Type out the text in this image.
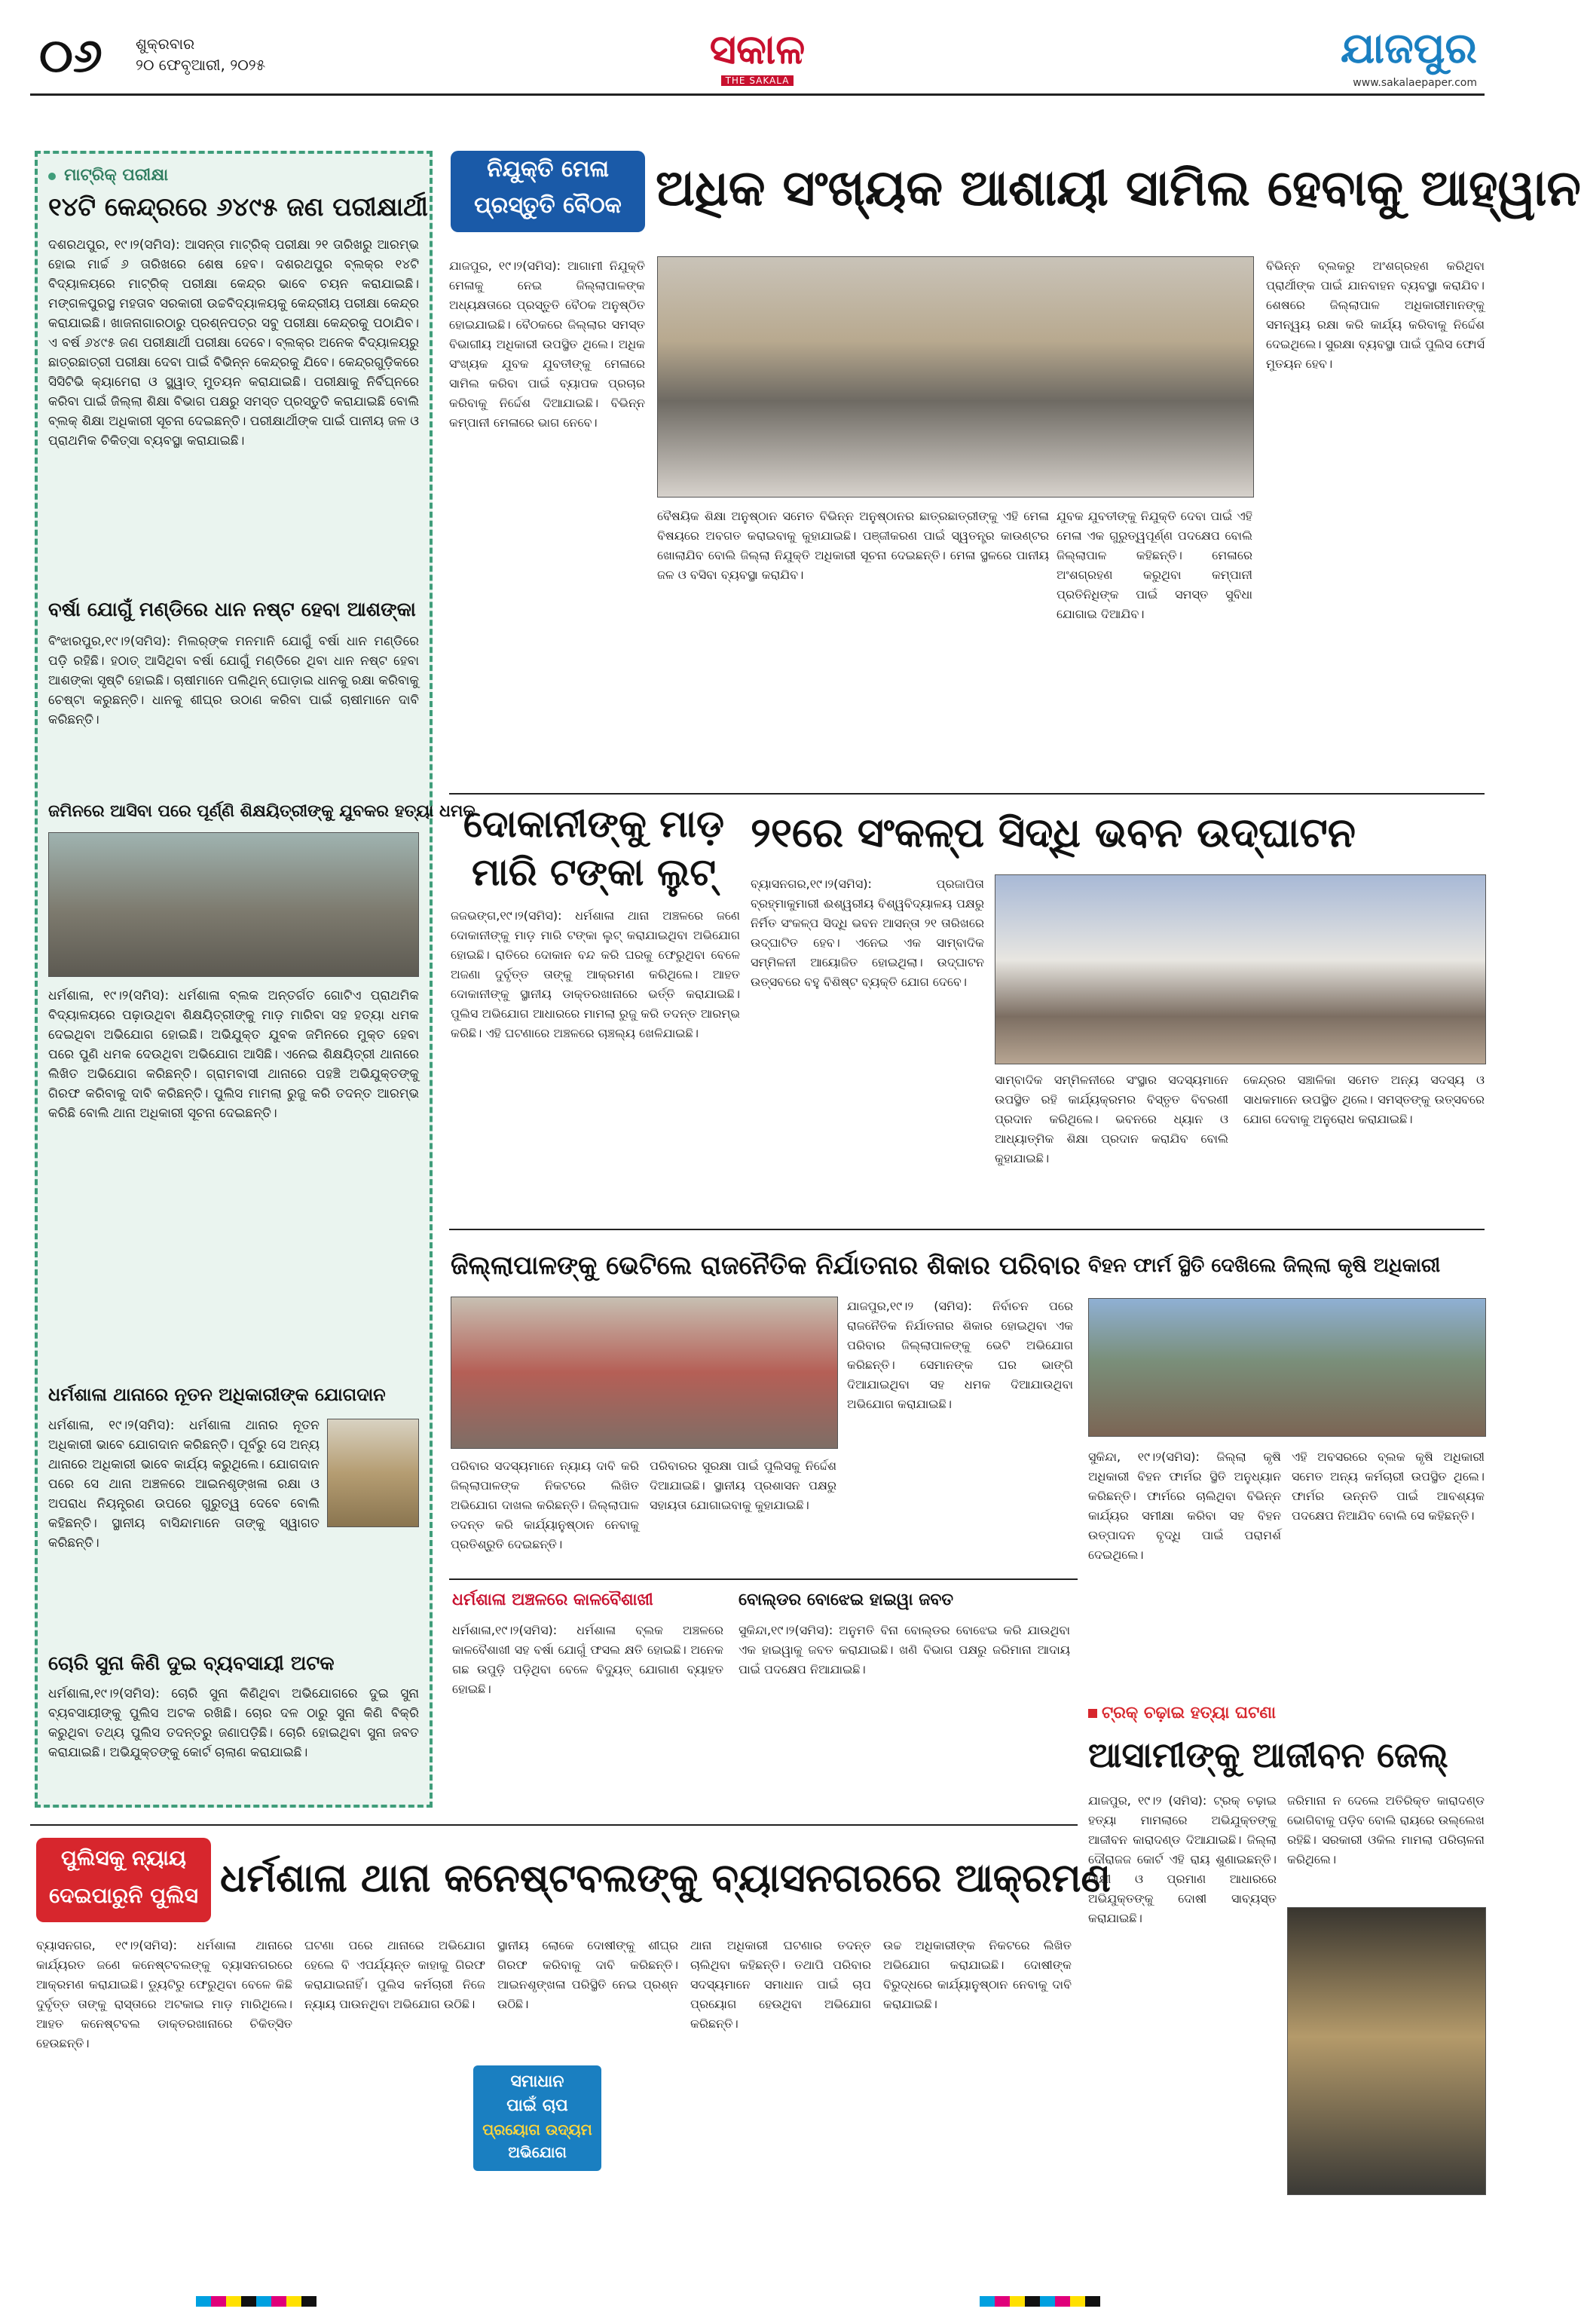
୦୬ ଶୁକ୍ରବାର
୨୦ ଫେବୃଆରୀ, ୨୦୨୫	ସକାଳ
THE SAKALA
ଯାଜପୁର
www.sakalaepaper.com
ମାଟ୍ରିକ୍ ପରୀକ୍ଷା
୧୪ଟି କେନ୍ଦ୍ରରେ ୬୪୯୫ ଜଣ ପରୀକ୍ଷାର୍ଥୀ
ଦଶରଥପୁର, ୧୯।୨(ସମିସ): ଆସନ୍ତା ମାଟ୍ରିକ୍ ପରୀକ୍ଷା ୨୧ ତାରିଖରୁ ଆରମ୍ଭ ହୋଇ ମାର୍ଚ୍ଚ ୬ ତାରିଖରେ ଶେଷ ହେବ। ଦଶରଥପୁର ବ୍ଲକ୍‌ର ୧୪ଟି ବିଦ୍ୟାଳୟରେ ମାଟ୍ରିକ୍ ପରୀକ୍ଷା କେନ୍ଦ୍ର ଭାବେ ଚୟନ କରାଯାଇଛି। ମଙ୍ଗଳପୁରସ୍ଥ ମହତାବ ସରକାରୀ ଉଚ୍ଚବିଦ୍ୟାଳୟକୁ କେନ୍ଦ୍ରୀୟ ପରୀକ୍ଷା କେନ୍ଦ୍ର କରାଯାଇଛି। ଖାଜନାଗାରଠାରୁ ପ୍ରଶ୍ନପତ୍ର ସବୁ ପରୀକ୍ଷା କେନ୍ଦ୍ରକୁ ପଠାଯିବ। ଏ ବର୍ଷ ୬୪୯୫ ଜଣ ପରୀକ୍ଷାର୍ଥୀ ପରୀକ୍ଷା ଦେବେ। ବ୍ଲକ୍‌ର ଅନେକ ବିଦ୍ୟାଳୟରୁ ଛାତ୍ରଛାତ୍ରୀ ପରୀକ୍ଷା ଦେବା ପାଇଁ ବିଭିନ୍ନ କେନ୍ଦ୍ରକୁ ଯିବେ। କେନ୍ଦ୍ରଗୁଡ଼ିକରେ ସିସିଟିଭି କ୍ୟାମେରା ଓ ସ୍କ୍ୱାଡ୍ ମୁତୟନ କରାଯାଇଛି। ପରୀକ୍ଷାକୁ ନିର୍ବିଘ୍ନରେ କରିବା ପାଇଁ ଜିଲ୍ଲା ଶିକ୍ଷା ବିଭାଗ ପକ୍ଷରୁ ସମସ୍ତ ପ୍ରସ୍ତୁତି କରାଯାଇଛି ବୋଲି ବ୍ଲକ୍ ଶିକ୍ଷା ଅଧିକାରୀ ସୂଚନା ଦେଇଛନ୍ତି। ପରୀକ୍ଷାର୍ଥୀଙ୍କ ପାଇଁ ପାନୀୟ ଜଳ ଓ ପ୍ରାଥମିକ ଚିକିତ୍ସା ବ୍ୟବସ୍ଥା କରାଯାଇଛି।
ବର୍ଷା ଯୋଗୁଁ ମଣ୍ଡିରେ ଧାନ ନଷ୍ଟ ହେବା ଆଶଙ୍କା
ବିଂଝାରପୁର,୧୯।୨(ସମିସ): ମିଲର୍‌ଙ୍କ ମନମାନି ଯୋଗୁଁ ବର୍ଷା ଧାନ ମଣ୍ଡିରେ ପଡ଼ି ରହିଛି। ହଠାତ୍ ଆସିଥିବା ବର୍ଷା ଯୋଗୁଁ ମଣ୍ଡିରେ ଥିବା ଧାନ ନଷ୍ଟ ହେବା ଆଶଙ୍କା ସୃଷ୍ଟି ହୋଇଛି। ଚାଷୀମାନେ ପଲିଥିନ୍ ଘୋଡ଼ାଇ ଧାନକୁ ରକ୍ଷା କରିବାକୁ ଚେଷ୍ଟା କରୁଛନ୍ତି। ଧାନକୁ ଶୀଘ୍ର ଉଠାଣ କରିବା ପାଇଁ ଚାଷୀମାନେ ଦାବି କରିଛନ୍ତି।
ଜମିନରେ ଆସିବା ପରେ ପୂର୍ଣ୍ଣି ଶିକ୍ଷୟିତ୍ରୀଙ୍କୁ ଯୁବକର ହତ୍ୟା ଧମକ
ଧର୍ମଶାଳା, ୧୯।୨(ସମିସ): ଧର୍ମଶାଳା ବ୍ଲକ ଅନ୍ତର୍ଗତ ଗୋଟିଏ ପ୍ରାଥମିକ ବିଦ୍ୟାଳୟରେ ପଢ଼ାଉଥିବା ଶିକ୍ଷୟିତ୍ରୀଙ୍କୁ ମାଡ଼ ମାରିବା ସହ ହତ୍ୟା ଧମକ ଦେଇଥିବା ଅଭିଯୋଗ ହୋଇଛି। ଅଭିଯୁକ୍ତ ଯୁବକ ଜମିନରେ ମୁକ୍ତ ହେବା ପରେ ପୁଣି ଧମକ ଦେଉଥିବା ଅଭିଯୋଗ ଆସିଛି। ଏନେଇ ଶିକ୍ଷୟିତ୍ରୀ ଥାନାରେ ଲିଖିତ ଅଭିଯୋଗ କରିଛନ୍ତି। ଗ୍ରାମବାସୀ ଥାନାରେ ପହଞ୍ଚି ଅଭିଯୁକ୍ତଙ୍କୁ ଗିରଫ କରିବାକୁ ଦାବି କରିଛନ୍ତି। ପୁଲିସ ମାମଲା ରୁଜୁ କରି ତଦନ୍ତ ଆରମ୍ଭ କରିଛି ବୋଲି ଥାନା ଅଧିକାରୀ ସୂଚନା ଦେଇଛନ୍ତି।
ଧର୍ମଶାଳା ଥାନାରେ ନୂତନ ଅଧିକାରୀଙ୍କ ଯୋଗଦାନ
ଧର୍ମଶାଳା, ୧୯।୨(ସମିସ): ଧର୍ମଶାଳା ଥାନାର ନୂତନ ଅଧିକାରୀ ଭାବେ ଯୋଗଦାନ କରିଛନ୍ତି। ପୂର୍ବରୁ ସେ ଅନ୍ୟ ଥାନାରେ ଅଧିକାରୀ ଭାବେ କାର୍ଯ୍ୟ କରୁଥିଲେ। ଯୋଗଦାନ ପରେ ସେ ଥାନା ଅଞ୍ଚଳରେ ଆଇନଶୃଙ୍ଖଳା ରକ୍ଷା ଓ ଅପରାଧ ନିୟନ୍ତ୍ରଣ ଉପରେ ଗୁରୁତ୍ୱ ଦେବେ ବୋଲି କହିଛନ୍ତି। ସ୍ଥାନୀୟ ବାସିନ୍ଦାମାନେ ତାଙ୍କୁ ସ୍ୱାଗତ କରିଛନ୍ତି।
ଚୋରି ସୁନା କିଣି ଦୁଇ ବ୍ୟବସାୟୀ ଅଟକ
ଧର୍ମଶାଳା,୧୯।୨(ସମିସ): ଚୋରି ସୁନା କିଣିଥିବା ଅଭିଯୋଗରେ ଦୁଇ ସୁନା ବ୍ୟବସାୟୀଙ୍କୁ ପୁଲିସ ଅଟକ ରଖିଛି। ଚୋର ଦଳ ଠାରୁ ସୁନା କିଣି ବିକ୍ରି କରୁଥିବା ତଥ୍ୟ ପୁଲିସ ତଦନ୍ତରୁ ଜଣାପଡ଼ିଛି। ଚୋରି ହୋଇଥିବା ସୁନା ଜବତ କରାଯାଇଛି। ଅଭିଯୁକ୍ତଙ୍କୁ କୋର୍ଟ ଚାଲାଣ କରାଯାଇଛି।
ନିଯୁକ୍ତି ମେଳା
ପ୍ରସ୍ତୁତି ବୈଠକ ଅଧିକ ସଂଖ୍ୟକ ଆଶାୟୀ ସାମିଲ ହେବାକୁ ଆହ୍ୱାନ
ଯାଜପୁର, ୧୯।୨(ସମିସ): ଆଗାମୀ ନିଯୁକ୍ତି ମେଳାକୁ ନେଇ ଜିଲ୍ଲାପାଳଙ୍କ ଅଧ୍ୟକ୍ଷତାରେ ପ୍ରସ୍ତୁତି ବୈଠକ ଅନୁଷ୍ଠିତ ହୋଇଯାଇଛି। ବୈଠକରେ ଜିଲ୍ଲାର ସମସ୍ତ ବିଭାଗୀୟ ଅଧିକାରୀ ଉପସ୍ଥିତ ଥିଲେ। ଅଧିକ ସଂଖ୍ୟକ ଯୁବକ ଯୁବତୀଙ୍କୁ ମେଳାରେ ସାମିଲ କରିବା ପାଇଁ ବ୍ୟାପକ ପ୍ରଚାର କରିବାକୁ ନିର୍ଦ୍ଦେଶ ଦିଆଯାଇଛି। ବିଭିନ୍ନ କମ୍ପାନୀ ମେଳାରେ ଭାଗ ନେବେ।
ବୈଷୟିକ ଶିକ୍ଷା ଅନୁଷ୍ଠାନ ସମେତ ବିଭିନ୍ନ ଅନୁଷ୍ଠାନର ଛାତ୍ରଛାତ୍ରୀଙ୍କୁ ଏହି ମେଳା ବିଷୟରେ ଅବଗତ କରାଇବାକୁ କୁହାଯାଇଛି। ପଞ୍ଜୀକରଣ ପାଇଁ ସ୍ୱତନ୍ତ୍ର କାଉଣ୍ଟର ଖୋଲାଯିବ ବୋଲି ଜିଲ୍ଲା ନିଯୁକ୍ତି ଅଧିକାରୀ ସୂଚନା ଦେଇଛନ୍ତି। ମେଳା ସ୍ଥଳରେ ପାନୀୟ ଜଳ ଓ ବସିବା ବ୍ୟବସ୍ଥା କରାଯିବ।
ଯୁବକ ଯୁବତୀଙ୍କୁ ନିଯୁକ୍ତି ଦେବା ପାଇଁ ଏହି ମେଳା ଏକ ଗୁରୁତ୍ୱପୂର୍ଣ୍ଣ ପଦକ୍ଷେପ ବୋଲି ଜିଲ୍ଲାପାଳ କହିଛନ୍ତି। ମେଳାରେ ଅଂଶଗ୍ରହଣ କରୁଥିବା କମ୍ପାନୀ ପ୍ରତିନିଧିଙ୍କ ପାଇଁ ସମସ୍ତ ସୁବିଧା ଯୋଗାଇ ଦିଆଯିବ।
ବିଭିନ୍ନ ବ୍ଲକରୁ ଅଂଶଗ୍ରହଣ କରିଥିବା ପ୍ରାର୍ଥୀଙ୍କ ପାଇଁ ଯାନବାହନ ବ୍ୟବସ୍ଥା କରାଯିବ। ଶେଷରେ ଜିଲ୍ଲାପାଳ ଅଧିକାରୀମାନଙ୍କୁ ସମନ୍ୱୟ ରକ୍ଷା କରି କାର୍ଯ୍ୟ କରିବାକୁ ନିର୍ଦ୍ଦେଶ ଦେଇଥିଲେ। ସୁରକ୍ଷା ବ୍ୟବସ୍ଥା ପାଇଁ ପୁଲିସ ଫୋର୍ସ ମୁତୟନ ହେବ।
ଦୋକାନୀଙ୍କୁ ମାଡ଼
ମାରି ଟଙ୍କା ଲୁଟ୍
ଜଜଭଙ୍ଗ,୧୯।୨(ସମିସ): ଧର୍ମଶାଳା ଥାନା ଅଞ୍ଚଳରେ ଜଣେ ଦୋକାନୀଙ୍କୁ ମାଡ଼ ମାରି ଟଙ୍କା ଲୁଟ୍ କରାଯାଇଥିବା ଅଭିଯୋଗ ହୋଇଛି। ରାତିରେ ଦୋକାନ ବନ୍ଦ କରି ଘରକୁ ଫେରୁଥିବା ବେଳେ ଅଜଣା ଦୁର୍ବୃତ୍ତ ତାଙ୍କୁ ଆକ୍ରମଣ କରିଥିଲେ। ଆହତ ଦୋକାନୀଙ୍କୁ ସ୍ଥାନୀୟ ଡାକ୍ତରଖାନାରେ ଭର୍ତ୍ତି କରାଯାଇଛି। ପୁଲିସ ଅଭିଯୋଗ ଆଧାରରେ ମାମଲା ରୁଜୁ କରି ତଦନ୍ତ ଆରମ୍ଭ କରିଛି। ଏହି ଘଟଣାରେ ଅଞ୍ଚଳରେ ଚାଞ୍ଚଲ୍ୟ ଖେଳିଯାଇଛି।
୨୧ରେ ସଂକଳ୍ପ ସିଦ୍ଧି ଭବନ ଉଦ୍‌ଘାଟନ
ବ୍ୟାସନଗର,୧୯।୨(ସମିସ): ପ୍ରଜାପିତା ବ୍ରହ୍ମାକୁମାରୀ ଈଶ୍ୱରୀୟ ବିଶ୍ୱବିଦ୍ୟାଳୟ ପକ୍ଷରୁ ନିର୍ମିତ ସଂକଳ୍ପ ସିଦ୍ଧି ଭବନ ଆସନ୍ତା ୨୧ ତାରିଖରେ ଉଦ୍‌ଘାଟିତ ହେବ। ଏନେଇ ଏକ ସାମ୍ବାଦିକ ସମ୍ମିଳନୀ ଆୟୋଜିତ ହୋଇଥିଲା। ଉଦ୍‌ଘାଟନ ଉତ୍ସବରେ ବହୁ ବିଶିଷ୍ଟ ବ୍ୟକ୍ତି ଯୋଗ ଦେବେ।
ସାମ୍ବାଦିକ ସମ୍ମିଳନୀରେ ସଂସ୍ଥାର ସଦସ୍ୟମାନେ ଉପସ୍ଥିତ ରହି କାର୍ଯ୍ୟକ୍ରମର ବିସ୍ତୃତ ବିବରଣୀ ପ୍ରଦାନ କରିଥିଲେ। ଭବନରେ ଧ୍ୟାନ ଓ ଆଧ୍ୟାତ୍ମିକ ଶିକ୍ଷା ପ୍ରଦାନ କରାଯିବ ବୋଲି କୁହାଯାଇଛି।
କେନ୍ଦ୍ରର ସଞ୍ଚାଳିକା ସମେତ ଅନ୍ୟ ସଦସ୍ୟ ଓ ସାଧକମାନେ ଉପସ୍ଥିତ ଥିଲେ। ସମସ୍ତଙ୍କୁ ଉତ୍ସବରେ ଯୋଗ ଦେବାକୁ ଅନୁରୋଧ କରାଯାଇଛି।
ଜିଲ୍ଲାପାଳଙ୍କୁ ଭେଟିଲେ ରାଜନୈତିକ ନିର୍ଯାତନାର ଶିକାର ପରିବାର
ଯାଜପୁର,୧୯।୨ (ସମିସ): ନିର୍ବାଚନ ପରେ ରାଜନୈତିକ ନିର୍ଯାତନାର ଶିକାର ହୋଇଥିବା ଏକ ପରିବାର ଜିଲ୍ଲାପାଳଙ୍କୁ ଭେଟି ଅଭିଯୋଗ କରିଛନ୍ତି। ସେମାନଙ୍କ ଘର ଭାଙ୍ଗି ଦିଆଯାଇଥିବା ସହ ଧମକ ଦିଆଯାଉଥିବା ଅଭିଯୋଗ କରାଯାଇଛି।
ପରିବାର ସଦସ୍ୟମାନେ ନ୍ୟାୟ ଦାବି କରି ଜିଲ୍ଲାପାଳଙ୍କ ନିକଟରେ ଲିଖିତ ଅଭିଯୋଗ ଦାଖଲ କରିଛନ୍ତି। ଜିଲ୍ଲାପାଳ ତଦନ୍ତ କରି କାର୍ଯ୍ୟାନୁଷ୍ଠାନ ନେବାକୁ ପ୍ରତିଶ୍ରୁତି ଦେଇଛନ୍ତି।
ପରିବାରର ସୁରକ୍ଷା ପାଇଁ ପୁଲିସକୁ ନିର୍ଦ୍ଦେଶ ଦିଆଯାଇଛି। ସ୍ଥାନୀୟ ପ୍ରଶାସନ ପକ୍ଷରୁ ସହାୟତା ଯୋଗାଇବାକୁ କୁହାଯାଇଛି।
ବିହନ ଫାର୍ମ ସ୍ଥିତି ଦେଖିଲେ ଜିଲ୍ଲା କୃଷି ଅଧିକାରୀ
ସୁକିନ୍ଦା, ୧୯।୨(ସମିସ): ଜିଲ୍ଲା କୃଷି ଅଧିକାରୀ ବିହନ ଫାର୍ମର ସ୍ଥିତି ଅନୁଧ୍ୟାନ କରିଛନ୍ତି। ଫାର୍ମରେ ଚାଲିଥିବା ବିଭିନ୍ନ କାର୍ଯ୍ୟର ସମୀକ୍ଷା କରିବା ସହ ବିହନ ଉତ୍ପାଦନ ବୃଦ୍ଧି ପାଇଁ ପରାମର୍ଶ ଦେଇଥିଲେ।
ଏହି ଅବସରରେ ବ୍ଲକ କୃଷି ଅଧିକାରୀ ସମେତ ଅନ୍ୟ କର୍ମଚାରୀ ଉପସ୍ଥିତ ଥିଲେ। ଫାର୍ମର ଉନ୍ନତି ପାଇଁ ଆବଶ୍ୟକ ପଦକ୍ଷେପ ନିଆଯିବ ବୋଲି ସେ କହିଛନ୍ତି।
ଧର୍ମଶାଳା ଅଞ୍ଚଳରେ କାଳବୈଶାଖୀ
ଧର୍ମଶାଳା,୧୯।୨(ସମିସ): ଧର୍ମଶାଳା ବ୍ଲକ ଅଞ୍ଚଳରେ କାଳବୈଶାଖୀ ସହ ବର୍ଷା ଯୋଗୁଁ ଫସଲ କ୍ଷତି ହୋଇଛି। ଅନେକ ଗଛ ଉପୁଡ଼ି ପଡ଼ିଥିବା ବେଳେ ବିଦ୍ୟୁତ୍ ଯୋଗାଣ ବ୍ୟାହତ ହୋଇଛି।
ବୋଲ୍ଡର ବୋଝେଇ ହାଇୱା ଜବତ
ସୁକିନ୍ଦା,୧୯।୨(ସମିସ): ଅନୁମତି ବିନା ବୋଲ୍ଡର ବୋଝେଇ କରି ଯାଉଥିବା ଏକ ହାଇୱାକୁ ଜବତ କରାଯାଇଛି। ଖଣି ବିଭାଗ ପକ୍ଷରୁ ଜରିମାନା ଆଦାୟ ପାଇଁ ପଦକ୍ଷେପ ନିଆଯାଇଛି।
ଟ୍ରକ୍ ଚଢ଼ାଇ ହତ୍ୟା ଘଟଣା
ଆସାମୀଙ୍କୁ ଆଜୀବନ ଜେଲ୍
ଯାଜପୁର, ୧୯।୨ (ସମିସ): ଟ୍ରକ୍ ଚଢ଼ାଇ ହତ୍ୟା ମାମଲାରେ ଅଭିଯୁକ୍ତଙ୍କୁ ଆଜୀବନ କାରାଦଣ୍ଡ ଦିଆଯାଇଛି। ଜିଲ୍ଲା ଦୌରାଜଜ କୋର୍ଟ ଏହି ରାୟ ଶୁଣାଇଛନ୍ତି। ସାକ୍ଷୀ ଓ ପ୍ରମାଣ ଆଧାରରେ ଅଭିଯୁକ୍ତଙ୍କୁ ଦୋଷୀ ସାବ୍ୟସ୍ତ କରାଯାଇଛି।
ଜରିମାନା ନ ଦେଲେ ଅତିରିକ୍ତ କାରାଦଣ୍ଡ ଭୋଗିବାକୁ ପଡ଼ିବ ବୋଲି ରାୟରେ ଉଲ୍ଲେଖ ରହିଛି। ସରକାରୀ ଓକିଲ ମାମଲା ପରିଚାଳନା କରିଥିଲେ।
ପୁଲିସକୁ ନ୍ୟାୟ
ଦେଇପାରୁନି ପୁଲିସ ଧର୍ମଶାଳା ଥାନା କନେଷ୍ଟବଲଙ୍କୁ ବ୍ୟାସନଗରରେ ଆକ୍ରମଣ
ବ୍ୟାସନଗର, ୧୯।୨(ସମିସ): ଧର୍ମଶାଳା ଥାନାରେ କାର୍ଯ୍ୟରତ ଜଣେ କନେଷ୍ଟବଲଙ୍କୁ ବ୍ୟାସନଗରରେ ଆକ୍ରମଣ କରାଯାଇଛି। ଡ୍ୟୁଟିରୁ ଫେରୁଥିବା ବେଳେ କିଛି ଦୁର୍ବୃତ୍ତ ତାଙ୍କୁ ରାସ୍ତାରେ ଅଟକାଇ ମାଡ଼ ମାରିଥିଲେ। ଆହତ କନେଷ୍ଟବଲ ଡାକ୍ତରଖାନାରେ ଚିକିତ୍ସିତ ହେଉଛନ୍ତି।
ଘଟଣା ପରେ ଥାନାରେ ଅଭିଯୋଗ ହେଲେ ବି ଏପର୍ଯ୍ୟନ୍ତ କାହାକୁ ଗିରଫ କରାଯାଇନାହିଁ। ପୁଲିସ କର୍ମଚାରୀ ନିଜେ ନ୍ୟାୟ ପାଉନଥିବା ଅଭିଯୋଗ ଉଠିଛି।
ସ୍ଥାନୀୟ ଲୋକେ ଦୋଷୀଙ୍କୁ ଶୀଘ୍ର ଗିରଫ କରିବାକୁ ଦାବି କରିଛନ୍ତି। ଆଇନଶୃଙ୍ଖଳା ପରିସ୍ଥିତି ନେଇ ପ୍ରଶ୍ନ ଉଠିଛି।
ସମାଧାନ
ପାଇଁ ଚାପ
ପ୍ରୟୋଗ ଉଦ୍ୟମ
ଅଭିଯୋଗ
ଥାନା ଅଧିକାରୀ ଘଟଣାର ତଦନ୍ତ ଚାଲିଥିବା କହିଛନ୍ତି। ତଥାପି ପରିବାର ସଦସ୍ୟମାନେ ସମାଧାନ ପାଇଁ ଚାପ ପ୍ରୟୋଗ ହେଉଥିବା ଅଭିଯୋଗ କରିଛନ୍ତି।
ଉଚ୍ଚ ଅଧିକାରୀଙ୍କ ନିକଟରେ ଲିଖିତ ଅଭିଯୋଗ କରାଯାଇଛି। ଦୋଷୀଙ୍କ ବିରୁଦ୍ଧରେ କାର୍ଯ୍ୟାନୁଷ୍ଠାନ ନେବାକୁ ଦାବି କରାଯାଇଛି।
